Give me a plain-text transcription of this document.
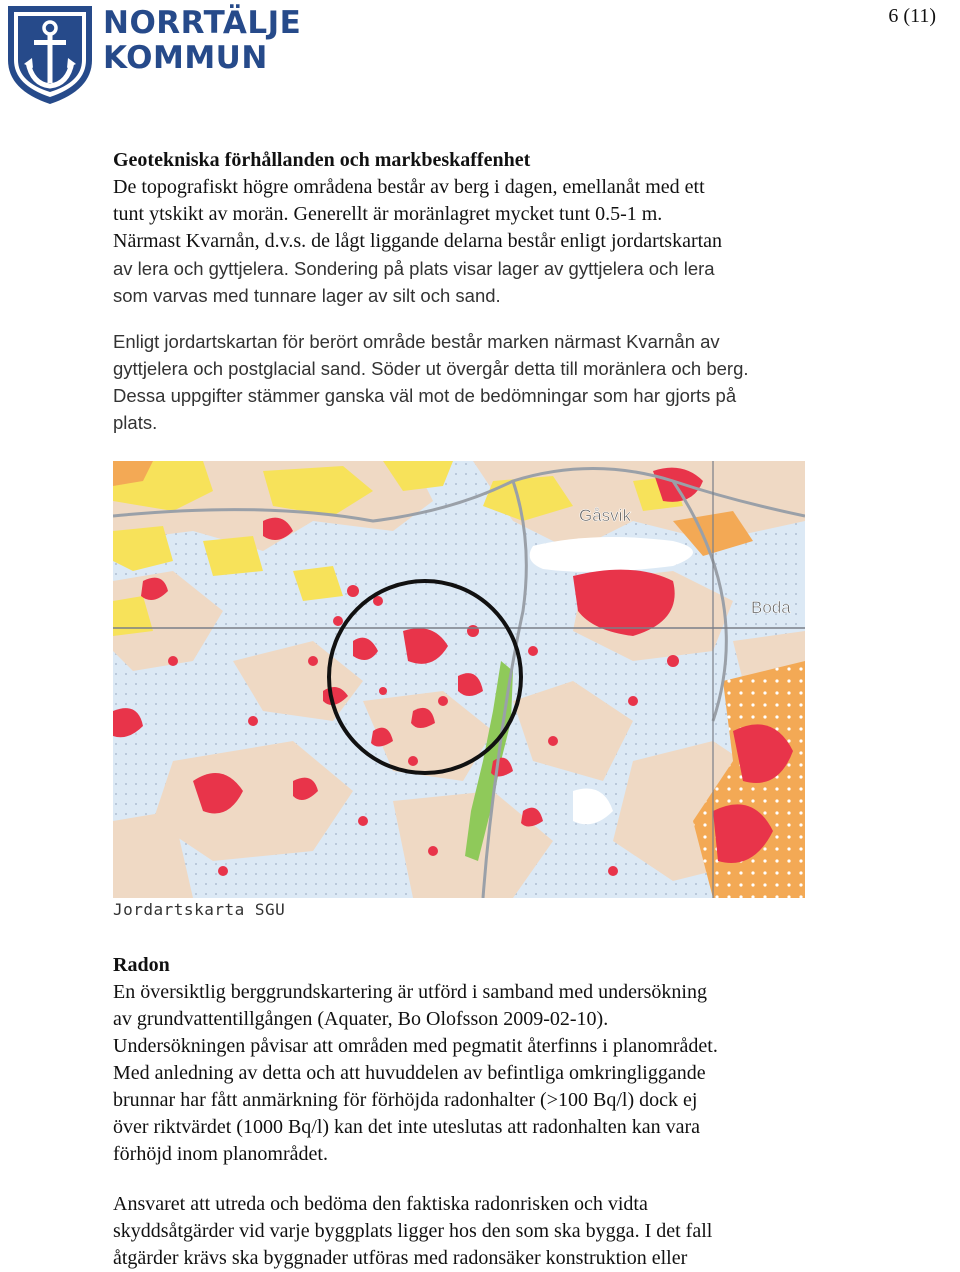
NORRTÄLJE
KOMMUN
6 (11)

Geotekniska förhållanden och markbeskaffenhet

De topografiskt högre områdena består av berg i dagen, emellanåt med ett

tunt ytskikt av morän. Generellt är moränlagret mycket tunt 0.5-1 m.

Närmast Kvarnån, d.v.s. de lågt liggande delarna består enligt jordartskartan

av lera och gyttjelera. Sondering på plats visar lager av gyttjelera och lera

som varvas med tunnare lager av silt och sand.

Enligt jordartskartan för berört område består marken närmast Kvarnån av

gyttjelera och postglacial sand. Söder ut övergår detta till moränlera och berg.

Dessa uppgifter stämmer ganska väl mot de bedömningar som har gjorts på

plats.

Gåsvik
Boda
Jordartskarta SGU

Radon

En översiktlig berggrundskartering är utförd i samband med undersökning

av grundvattentillgången (Aquater, Bo Olofsson 2009-02-10).

Undersökningen påvisar att områden med pegmatit återfinns i planområdet.

Med anledning av detta och att huvuddelen av befintliga omkringliggande

brunnar har fått anmärkning för förhöjda radonhalter (>100 Bq/l) dock ej

över riktvärdet (1000 Bq/l) kan det inte uteslutas att radonhalten kan vara

förhöjd inom planområdet.

Ansvaret att utreda och bedöma den faktiska radonrisken och vidta

skyddsåtgärder vid varje byggplats ligger hos den som ska bygga. I det fall

åtgärder krävs ska byggnader utföras med radonsäker konstruktion eller
